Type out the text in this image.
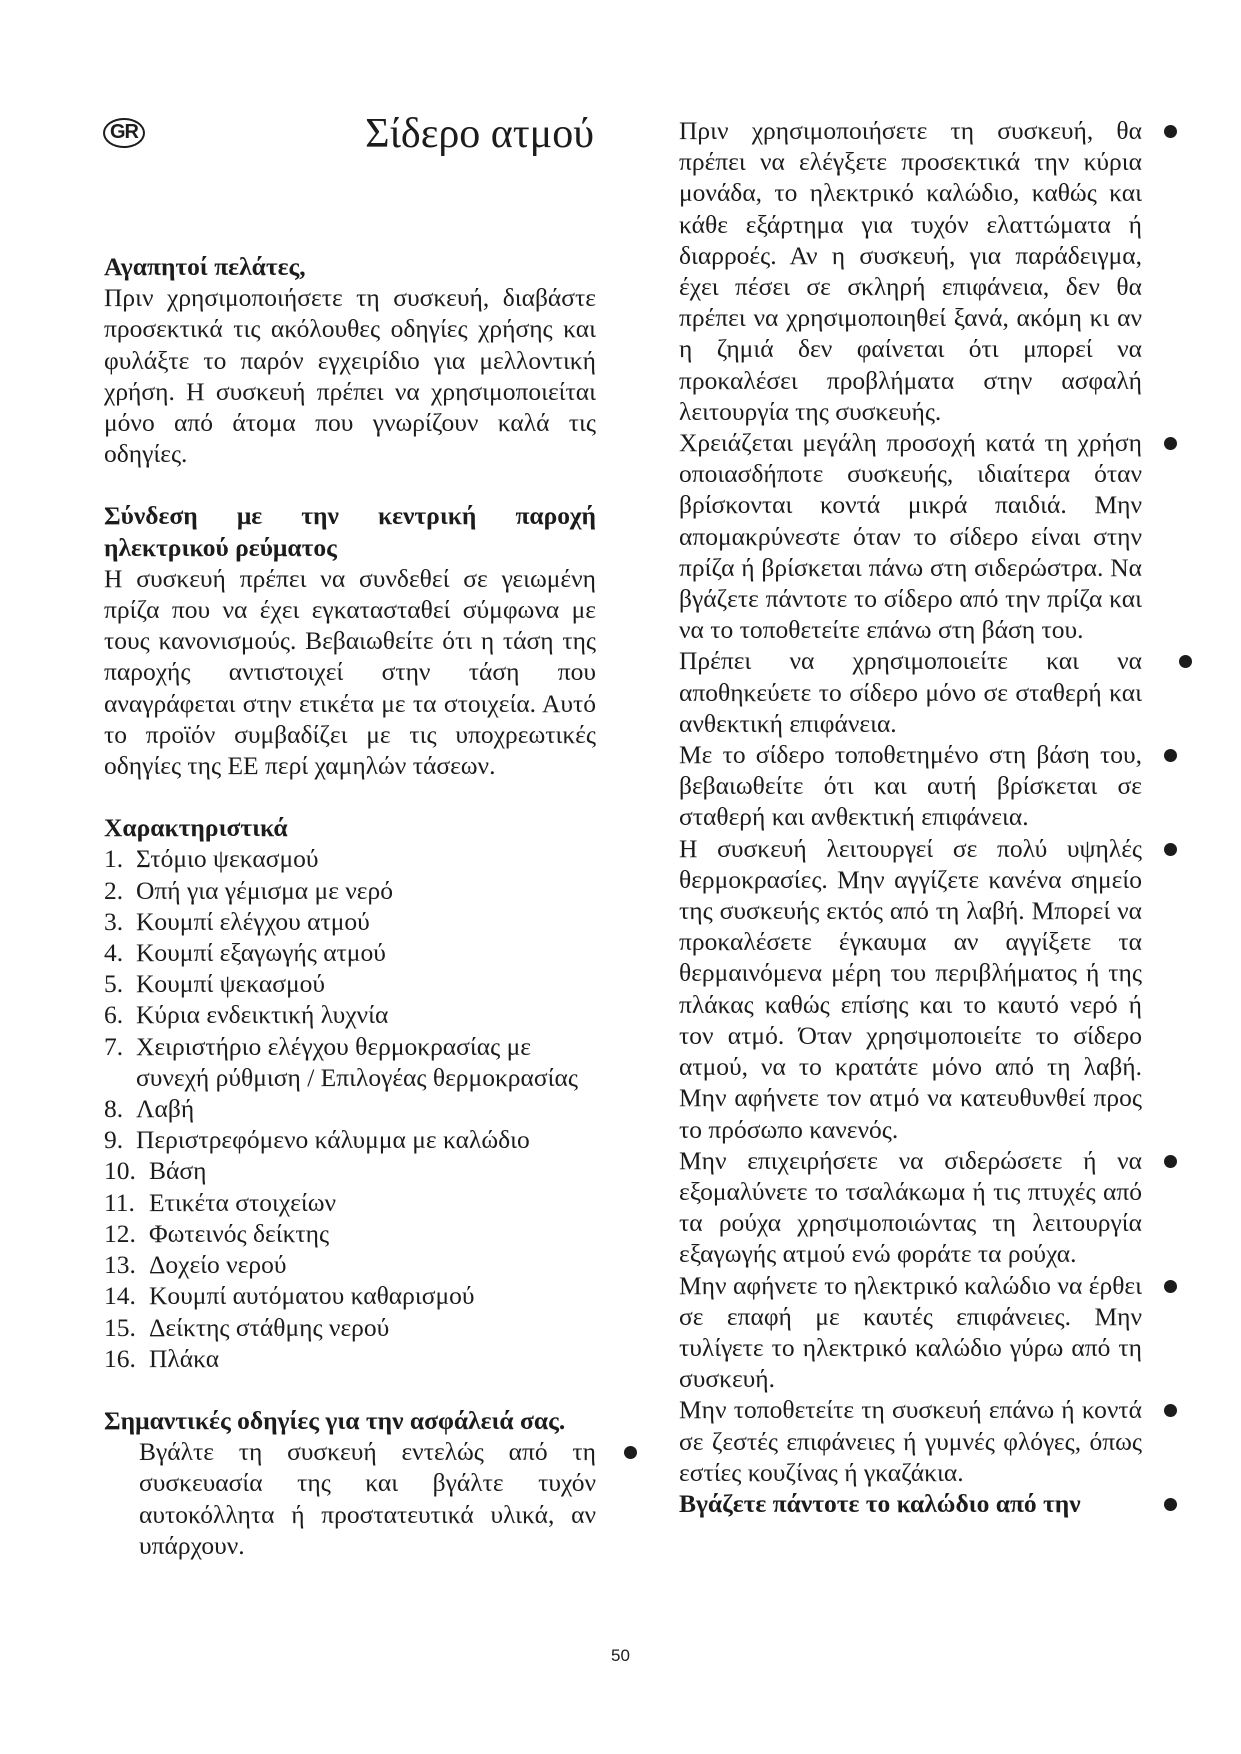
GR	Σίδερο ατμού

Αγαπητοί πελάτες,

Πριν χρησιμοποιήσετε τη συσκευή, διαβάστε προσεκτικά τις ακόλουθες οδηγίες χρήσης και φυλάξτε το παρόν εγχειρίδιο για μελλοντική χρήση. Η συσκευή πρέπει να χρησιμοποιείται μόνο από άτομα που γνωρίζουν καλά τις οδηγίες.

Σύνδεση με την κεντρική παροχή ηλεκτρικού ρεύματος

Η συσκευή πρέπει να συνδεθεί σε γειωμένη πρίζα που να έχει εγκατασταθεί σύμφωνα με τους κανονισμούς. Βεβαιωθείτε ότι η τάση της παροχής αντιστοιχεί στην τάση που αναγράφεται στην ετικέτα με τα στοιχεία. Αυτό το προϊόν συμβαδίζει με τις υποχρεωτικές οδηγίες της ΕΕ περί χαμηλών τάσεων.

Χαρακτηριστικά

1. Στόμιο ψεκασμού
2. Οπή για γέμισμα με νερό
3. Κουμπί ελέγχου ατμού
4. Κουμπί εξαγωγής ατμού
5. Κουμπί ψεκασμού
6. Κύρια ενδεικτική λυχνία
7. Χειριστήριο ελέγχου θερμοκρασίας με συνεχή ρύθμιση / Επιλογέας θερμοκρασίας
8. Λαβή
9. Περιστρεφόμενο κάλυμμα με καλώδιο
10. Βάση
11. Ετικέτα στοιχείων
12. Φωτεινός δείκτης
13. Δοχείο νερού
14. Κουμπί αυτόματου καθαρισμού
15. Δείκτης στάθμης νερού
16. Πλάκα

Σημαντικές οδηγίες για την ασφάλειά σας.

Βγάλτε τη συσκευή εντελώς από τη συσκευασία της και βγάλτε τυχόν αυτοκόλλητα ή προστατευτικά υλικά, αν υπάρχουν.

Πριν χρησιμοποιήσετε τη συσκευή, θα πρέπει να ελέγξετε προσεκτικά την κύρια μονάδα, το ηλεκτρικό καλώδιο, καθώς και κάθε εξάρτημα για τυχόν ελαττώματα ή διαρροές. Αν η συσκευή, για παράδειγμα, έχει πέσει σε σκληρή επιφάνεια, δεν θα πρέπει να χρησιμοποιηθεί ξανά, ακόμη κι αν η ζημιά δεν φαίνεται ότι μπορεί να προκαλέσει προβλήματα στην ασφαλή λειτουργία της συσκευής.

Χρειάζεται μεγάλη προσοχή κατά τη χρήση οποιασδήποτε συσκευής, ιδιαίτερα όταν βρίσκονται κοντά μικρά παιδιά. Μην απομακρύνεστε όταν το σίδερο είναι στην πρίζα ή βρίσκεται πάνω στη σιδερώστρα. Να βγάζετε πάντοτε το σίδερο από την πρίζα και να το τοποθετείτε επάνω στη βάση του.

Πρέπει να χρησιμοποιείτε και να αποθηκεύετε το σίδερο μόνο σε σταθερή και ανθεκτική επιφάνεια.

Με το σίδερο τοποθετημένο στη βάση του, βεβαιωθείτε ότι και αυτή βρίσκεται σε σταθερή και ανθεκτική επιφάνεια.

Η συσκευή λειτουργεί σε πολύ υψηλές θερμοκρασίες. Μην αγγίζετε κανένα σημείο της συσκευής εκτός από τη λαβή. Μπορεί να προκαλέσετε έγκαυμα αν αγγίξετε τα θερμαινόμενα μέρη του περιβλήματος ή της πλάκας καθώς επίσης και το καυτό νερό ή τον ατμό. Όταν χρησιμοποιείτε το σίδερο ατμού, να το κρατάτε μόνο από τη λαβή. Μην αφήνετε τον ατμό να κατευθυνθεί προς το πρόσωπο κανενός.

Μην επιχειρήσετε να σιδερώσετε ή να εξομαλύνετε το τσαλάκωμα ή τις πτυχές από τα ρούχα χρησιμοποιώντας τη λειτουργία εξαγωγής ατμού ενώ φοράτε τα ρούχα.

Μην αφήνετε το ηλεκτρικό καλώδιο να έρθει σε επαφή με καυτές επιφάνειες. Μην τυλίγετε το ηλεκτρικό καλώδιο γύρω από τη συσκευή.

Μην τοποθετείτε τη συσκευή επάνω ή κοντά σε ζεστές επιφάνειες ή γυμνές φλόγες, όπως εστίες κουζίνας ή γκαζάκια.

Βγάζετε πάντοτε το καλώδιο από την

50
